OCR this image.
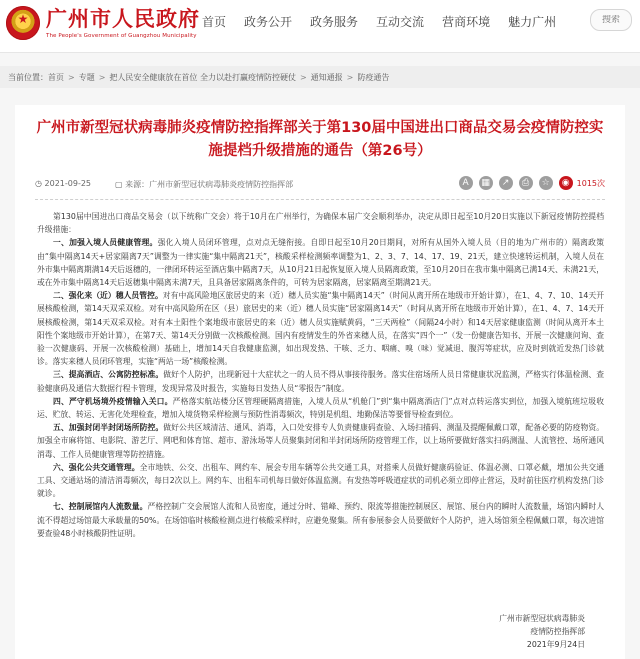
★ 广州市人民政府
The People's Government of Guangzhou Municipality
首页	政务公开	政务服务	互动交流	营商环境	魅力广州
搜索
当前位置： 首页 > 专题 > 把人民安全健康放在首位 全力以赴打赢疫情防控硬仗 > 通知通报 > 防疫通告
广州市新型冠状病毒肺炎疫情防控指挥部关于第130届中国进出口商品交易会疫情防控实施提档升级措施的通告（第26号）
◷ 2021-09-25	▢ 来源：广州市新型冠状病毒肺炎疫情防控指挥部	A	▦	↗	⎙	☆	◉ 1015次

第130届中国进出口商品交易会（以下统称广交会）将于10月在广州举行，为确保本届广交会顺利举办，决定从即日起至10月20日实施以下新冠疫情防控提档升级措施：

一、加强入境人员健康管理。强化入境人员闭环管理，点对点无缝衔接。自即日起至10月20日期间，对所有从国外入境人员（目的地为广州市的）隔离政策由“集中隔离14天+居家隔离7天”调整为一律实施“集中隔离21天”，核酸采样检测频率调整为1、2、3、7、14、17、19、21天，建立快速转运机制，入境人员在外市集中隔离期满14天后返穗的，一律闭环转运至酒店集中隔离7天，从10月21日起恢复原入境人员隔离政策，至10月20日在我市集中隔离已满14天、未满21天，或在外市集中隔离14天后返穗集中隔离未满7天，且具备居家隔离条件的，可转为居家隔离，居家隔离至期满21天。

二、强化来（近）穗人员管控。对有中高风险地区旅居史的来（近）穗人员实施“集中隔离14天”（时间从离开所在地级市开始计算），在1、4、7、10、14天开展核酸检测，第14天双采双检。对有中高风险所在区（县）旅居史的来（近）穗人员实施“居家隔离14天”（时间从离开所在地级市开始计算），在1、4、7、14天开展核酸检测，第14天双采双检。对有本土阳性个案地级市旅居史的来（近）穗人员实施赋黄码，“三天两检”（间隔24小时）和14天居家健康监测（时间从离开本土阳性个案地级市开始计算），在第7天、第14天分别做一次核酸检测。国内有疫情发生的外省来穗人员，在落实“四个一”（发一份健康告知书、开展一次健康问询、查验一次健康码、开展一次核酸检测）基础上，增加14天自我健康监测，如出现发热、干咳、乏力、咽痛、嗅（味）觉减退、腹泻等症状，应及时到就近发热门诊就诊。落实来穗人员闭环管理，实施“两站一场”核酸检测。

三、提高酒店、公寓防控标准。做好个人防护，出现新冠十大症状之一的人员不得从事接待服务。落实住宿场所人员日常健康状况监测，严格实行体温检测、查验健康码及通信大数据行程卡管理，发现异常及时报告，实施每日发热人员“零报告”制度。

四、严守机场境外疫情输入关口。严格落实航站楼分区管理硬隔离措施，入境人员从“机舱门”到“集中隔离酒店门”点对点转运落实到位，加强入境航班垃圾收运、贮放、转运、无害化处理检查，增加入境货物采样检测与预防性消毒频次，特别是机组、地勤保洁等要督导检查到位。

五、加强封闭半封闭场所防控。做好公共区域清洁、通风、消毒，入口处安排专人负责健康码查验、入场扫描码、测温及提醒佩戴口罩，配备必要的防疫物资。加强全市麻将馆、电影院、游艺厅、网吧和体育馆、超市、游泳场等人员聚集封闭和半封闭场所防疫管理工作，以上场所要做好落实扫码测温、人流管控、场所通风消毒、工作人员健康管理等防控措施。

六、强化公共交通管理。全市地铁、公交、出租车、网约车、展会专用车辆等公共交通工具，对搭乘人员做好健康码验证、体温必测、口罩必戴，增加公共交通工具、交通站场的清洁消毒频次，每日2次以上。网约车、出租车司机每日做好体温监测。有发热等呼吸道症状的司机必须立即停止营运，及时前往医疗机构发热门诊就诊。

七、控制展馆内人流数量。严格控制广交会展馆人流和人员密度，通过分时、错峰、预约、限流等措施控制展区、展馆、展台内的瞬时人流数量，场馆内瞬时人流不得超过场馆最大承载量的50%。在场馆临时核酸检测点进行核酸采样时，应避免聚集。所有参展参会人员要做好个人防护，进入场馆须全程佩戴口罩，每次进馆要查验48小时核酸阴性证明。

广州市新型冠状病毒肺炎
疫情防控指挥部
2021年9月24日
